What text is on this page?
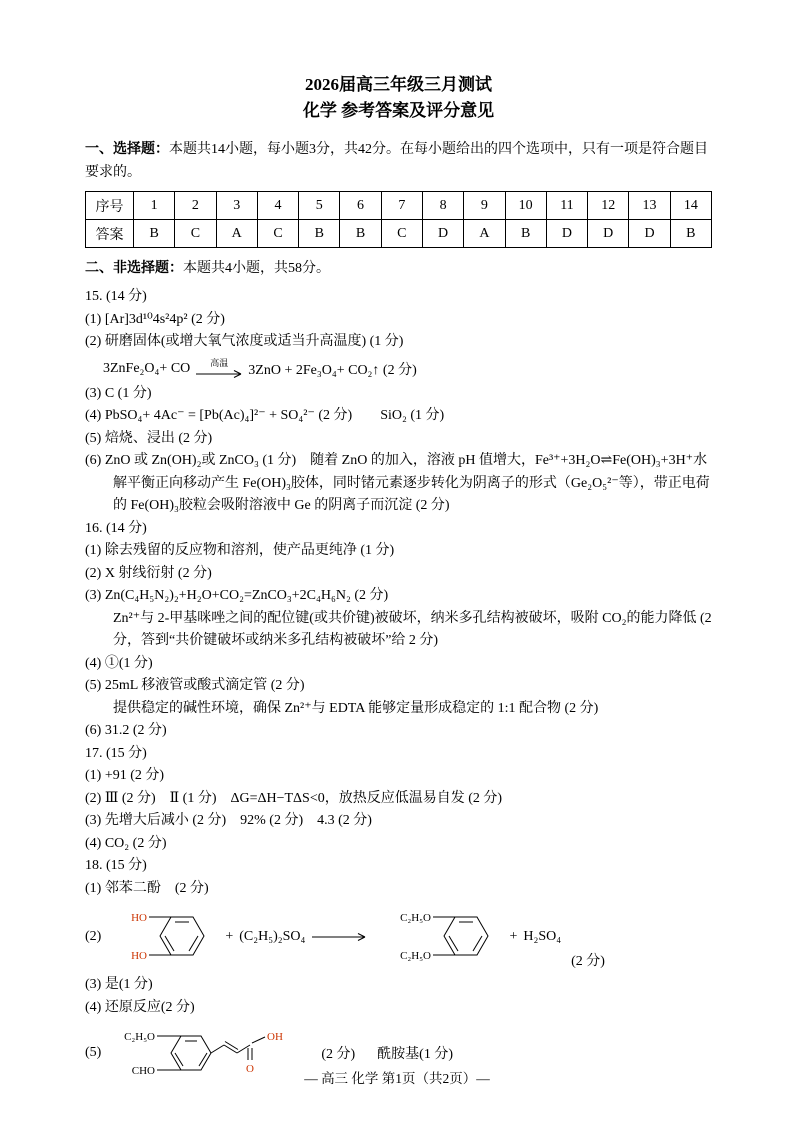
2026届高三年级三月测试
化学 参考答案及评分意见

一、选择题：本题共14小题，每小题3分，共42分。在每小题给出的四个选项中，只有一项是符合题目要求的。

序号	1	2	3	4	5	6	7	8	9	10	11	12	13	14
答案	B	C	A	C	B	B	C	D	A	B	D	D	D	B

二、非选择题：本题共4小题，共58分。

15. (14 分)
(1) [Ar]3d¹⁰4s²4p² (2 分)
(2) 研磨固体(或增大氧气浓度或适当升高温度) (1 分)
3ZnFe₂O₄+ CO 高温 3ZnO + 2Fe₃O₄+ CO₂↑ (2 分)
(3) C (1 分)
(4) PbSO₄+ 4Ac⁻ = [Pb(Ac)₄]²⁻ + SO₄²⁻ (2 分)　　SiO₂ (1 分)
(5) 焙烧、浸出 (2 分)
(6) ZnO 或 Zn(OH)₂或 ZnCO₃ (1 分)　随着 ZnO 的加入，溶液 pH 值增大，Fe³⁺+3H₂O⇌Fe(OH)₃+3H⁺水解平衡正向移动产生 Fe(OH)₃胶体，同时锗元素逐步转化为阴离子的形式（Ge₂O₅²⁻等），带正电荷的 Fe(OH)₃胶粒会吸附溶液中 Ge 的阴离子而沉淀 (2 分)
16. (14 分)
(1) 除去残留的反应物和溶剂，使产品更纯净 (1 分)
(2) X 射线衍射 (2 分)
(3) Zn(C₄H₅N₂)₂+H₂O+CO₂=ZnCO₃+2C₄H₆N₂ (2 分)
Zn²⁺与 2-甲基咪唑之间的配位键(或共价键)被破坏，纳米多孔结构被破坏，吸附 CO₂的能力降低 (2分，答到“共价键破坏或纳米多孔结构被破坏”给 2 分)
(4) ①(1 分)
(5) 25mL 移液管或酸式滴定管 (2 分)
提供稳定的碱性环境，确保 Zn²⁺与 EDTA 能够定量形成稳定的 1:1 配合物 (2 分)
(6) 31.2 (2 分)
17. (15 分)
(1) +91 (2 分)
(2) Ⅲ (2 分)　Ⅱ (1 分)　ΔG=ΔH−TΔS<0，放热反应低温易自发 (2 分)
(3) 先增大后减小 (2 分)　92% (2 分)　4.3 (2 分)
(4) CO₂ (2 分)
18. (15 分)
(1) 邻苯二酚　(2 分)
(2)
HO
HO
+ (C₂H₅)₂SO₄
C₂H₅O
C₂H₅O
+ H₂SO₄
(2 分)
(3) 是(1 分)
(4) 还原反应(2 分)
(5)
C₂H₅O
CHO	O
OH
(2 分) 酰胺基(1 分)
— 高三 化学 第1页（共2页）—
